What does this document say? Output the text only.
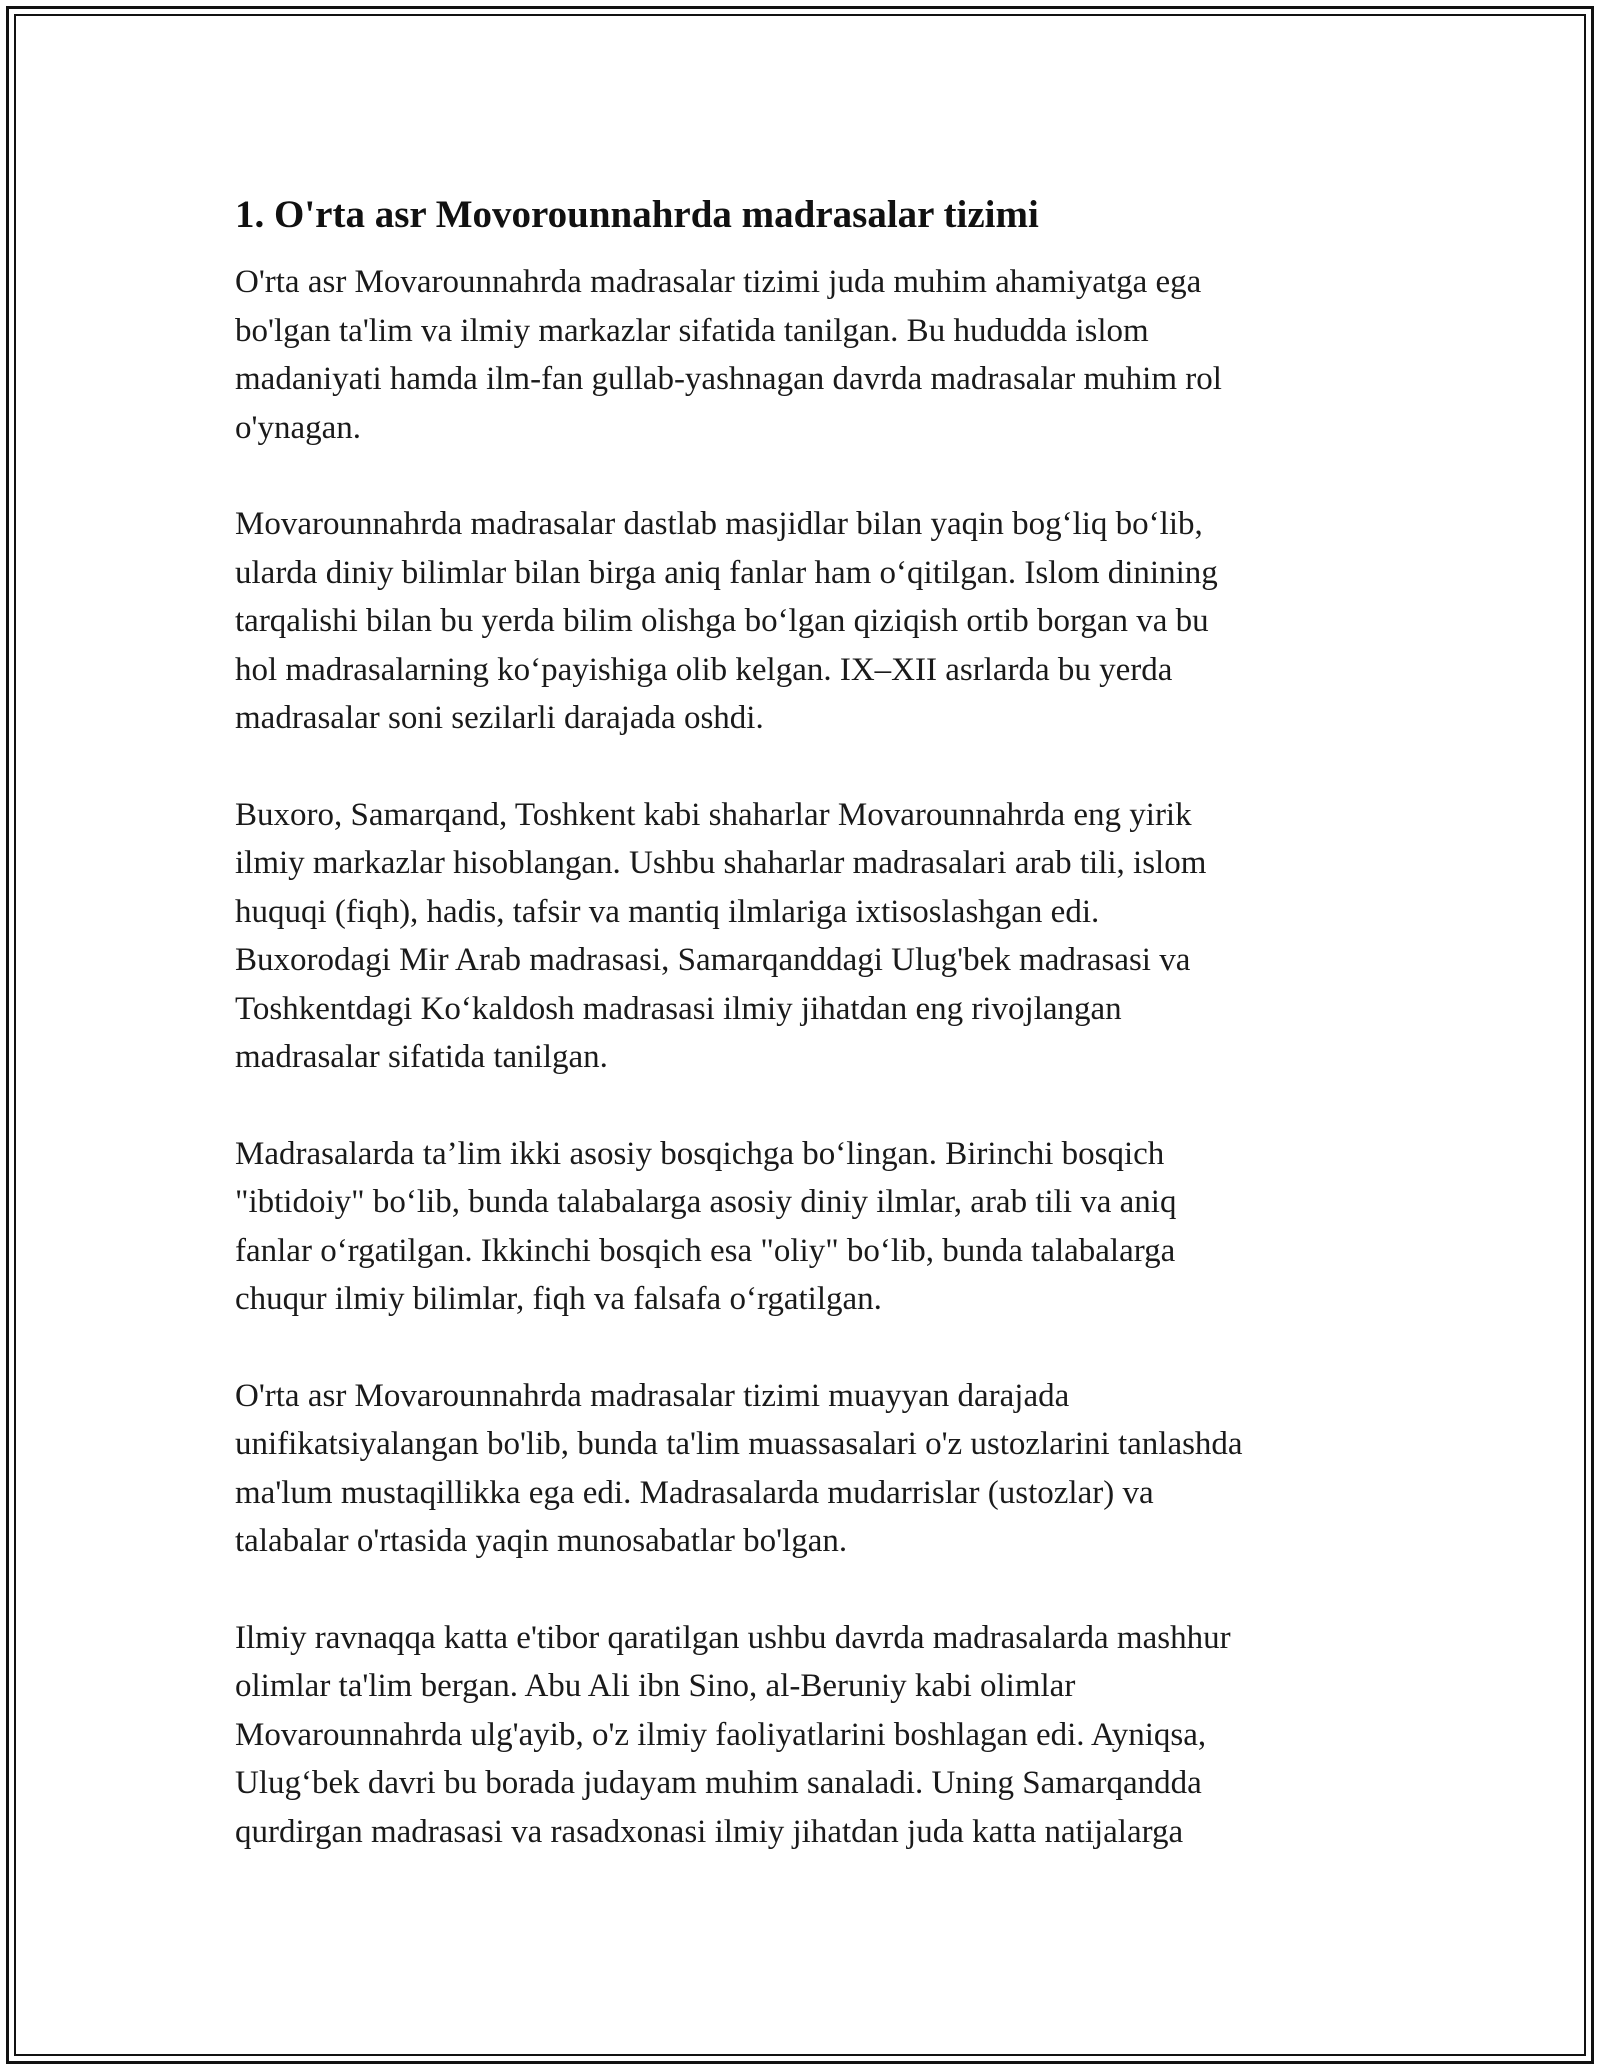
1. O'rta asr Movorounnahrda madrasalar tizimi

O'rta asr Movarounnahrda madrasalar tizimi juda muhim ahamiyatga ega
bo'lgan ta'lim va ilmiy markazlar sifatida tanilgan. Bu hududda islom
madaniyati hamda ilm-fan gullab-yashnagan davrda madrasalar muhim rol
o'ynagan.

Movarounnahrda madrasalar dastlab masjidlar bilan yaqin bog‘liq bo‘lib,
ularda diniy bilimlar bilan birga aniq fanlar ham o‘qitilgan. Islom dinining
tarqalishi bilan bu yerda bilim olishga bo‘lgan qiziqish ortib borgan va bu
hol madrasalarning ko‘payishiga olib kelgan. IX–XII asrlarda bu yerda
madrasalar soni sezilarli darajada oshdi.

Buxoro, Samarqand, Toshkent kabi shaharlar Movarounnahrda eng yirik
ilmiy markazlar hisoblangan. Ushbu shaharlar madrasalari arab tili, islom
huquqi (fiqh), hadis, tafsir va mantiq ilmlariga ixtisoslashgan edi.
Buxorodagi Mir Arab madrasasi, Samarqanddagi Ulug'bek madrasasi va
Toshkentdagi Ko‘kaldosh madrasasi ilmiy jihatdan eng rivojlangan
madrasalar sifatida tanilgan.

Madrasalarda ta’lim ikki asosiy bosqichga bo‘lingan. Birinchi bosqich
"ibtidoiy" bo‘lib, bunda talabalarga asosiy diniy ilmlar, arab tili va aniq
fanlar o‘rgatilgan. Ikkinchi bosqich esa "oliy" bo‘lib, bunda talabalarga
chuqur ilmiy bilimlar, fiqh va falsafa o‘rgatilgan.

O'rta asr Movarounnahrda madrasalar tizimi muayyan darajada
unifikatsiyalangan bo'lib, bunda ta'lim muassasalari o'z ustozlarini tanlashda
ma'lum mustaqillikka ega edi. Madrasalarda mudarrislar (ustozlar) va
talabalar o'rtasida yaqin munosabatlar bo'lgan.

Ilmiy ravnaqqa katta e'tibor qaratilgan ushbu davrda madrasalarda mashhur
olimlar ta'lim bergan. Abu Ali ibn Sino, al-Beruniy kabi olimlar
Movarounnahrda ulg'ayib, o'z ilmiy faoliyatlarini boshlagan edi. Ayniqsa,
Ulug‘bek davri bu borada judayam muhim sanaladi. Uning Samarqandda
qurdirgan madrasasi va rasadxonasi ilmiy jihatdan juda katta natijalarga
